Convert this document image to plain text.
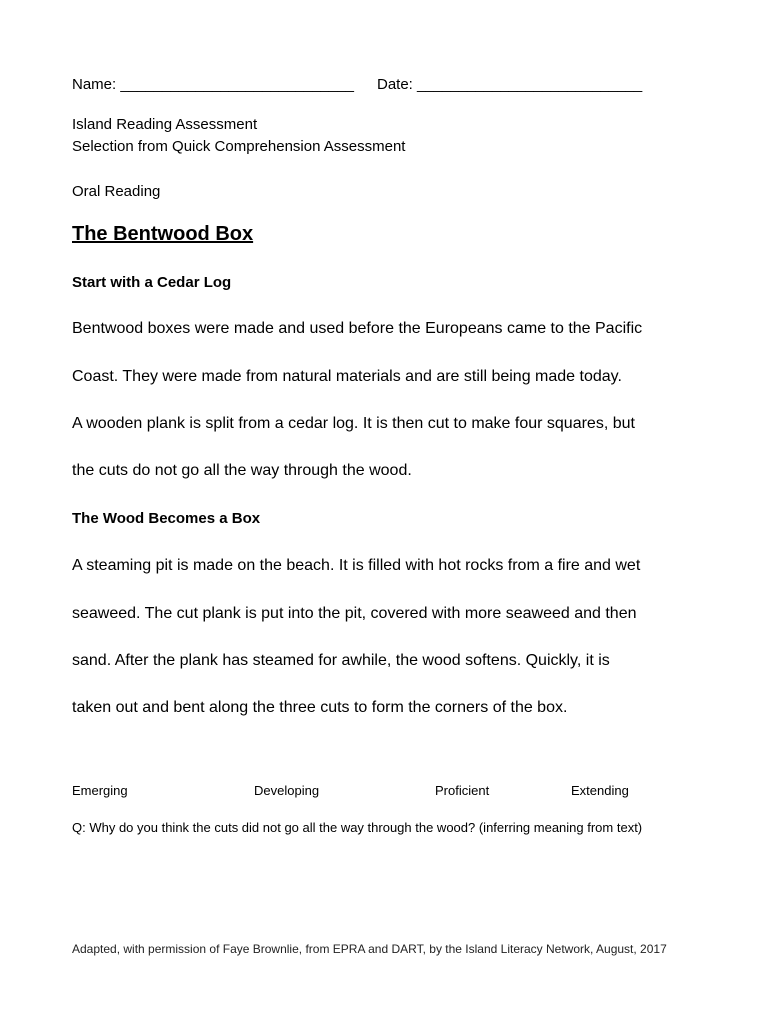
Name: ____________________________ Date: ___________________________
Island Reading Assessment
Selection from Quick Comprehension Assessment
Oral Reading
The Bentwood Box
Start with a Cedar Log
Bentwood boxes were made and used before the Europeans came to the Pacific
Coast. They were made from natural materials and are still being made today.
A wooden plank is split from a cedar log. It is then cut to make four squares, but
the cuts do not go all the way through the wood.
The Wood Becomes a Box
A steaming pit is made on the beach. It is filled with hot rocks from a fire and wet
seaweed. The cut plank is put into the pit, covered with more seaweed and then
sand. After the plank has steamed for awhile, the wood softens. Quickly, it is
taken out and bent along the three cuts to form the corners of the box.
Emerging	Developing	Proficient	Extending
Q: Why do you think the cuts did not go all the way through the wood? (inferring meaning from text)
Adapted, with permission of Faye Brownlie, from EPRA and DART, by the Island Literacy Network, August, 2017
